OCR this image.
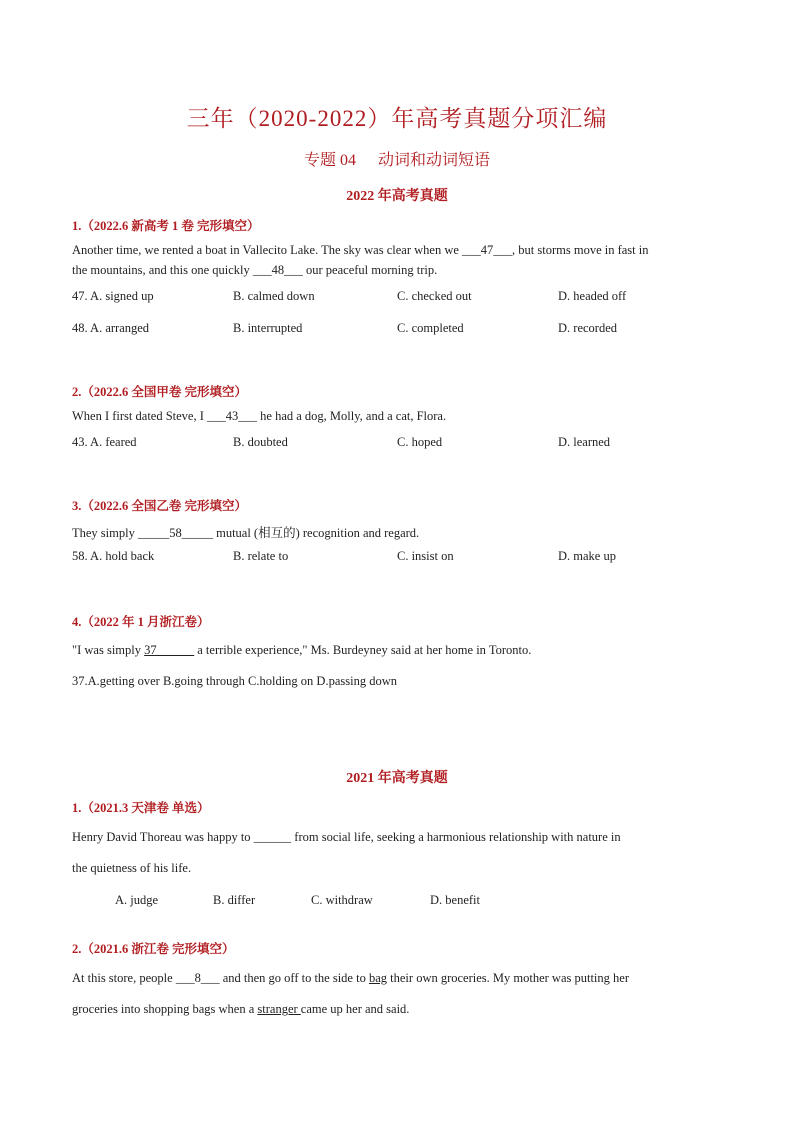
三年（2020-2022）年高考真题分项汇编
专题 04 动词和动词短语
2022 年高考真题
1.（2022.6 新高考 1 卷 完形填空）
Another time, we rented a boat in Vallecito Lake. The sky was clear when we ___47___, but storms move in fast in
the mountains, and this one quickly ___48___ our peaceful morning trip.
47. A. signed up	B. calmed down	C. checked out	D. headed off
48. A. arranged	B. interrupted	C. completed	D. recorded
2.（2022.6 全国甲卷 完形填空）
When I first dated Steve, I ___43___ he had a dog, Molly, and a cat, Flora.
43. A. feared	B. doubted	C. hoped	D. learned
3.（2022.6 全国乙卷 完形填空）
They simply _____58_____ mutual (相互的) recognition and regard.
58. A. hold back	B. relate to	C. insist on	D. make up
4.（2022 年 1 月浙江卷）
"I was simply 37______ a terrible experience," Ms. Burdeyney said at her home in Toronto.
37.A.getting over B.going through C.holding on D.passing down
2021 年高考真题
1.（2021.3 天津卷 单选）
Henry David Thoreau was happy to ______ from social life, seeking a harmonious relationship with nature in
the quietness of his life.
A. judge	B. differ	C. withdraw	D. benefit
2.（2021.6 浙江卷 完形填空）
At this store, people ___8___ and then go off to the side to bag their own groceries. My mother was putting her
groceries into shopping bags when a stranger came up her and said.
